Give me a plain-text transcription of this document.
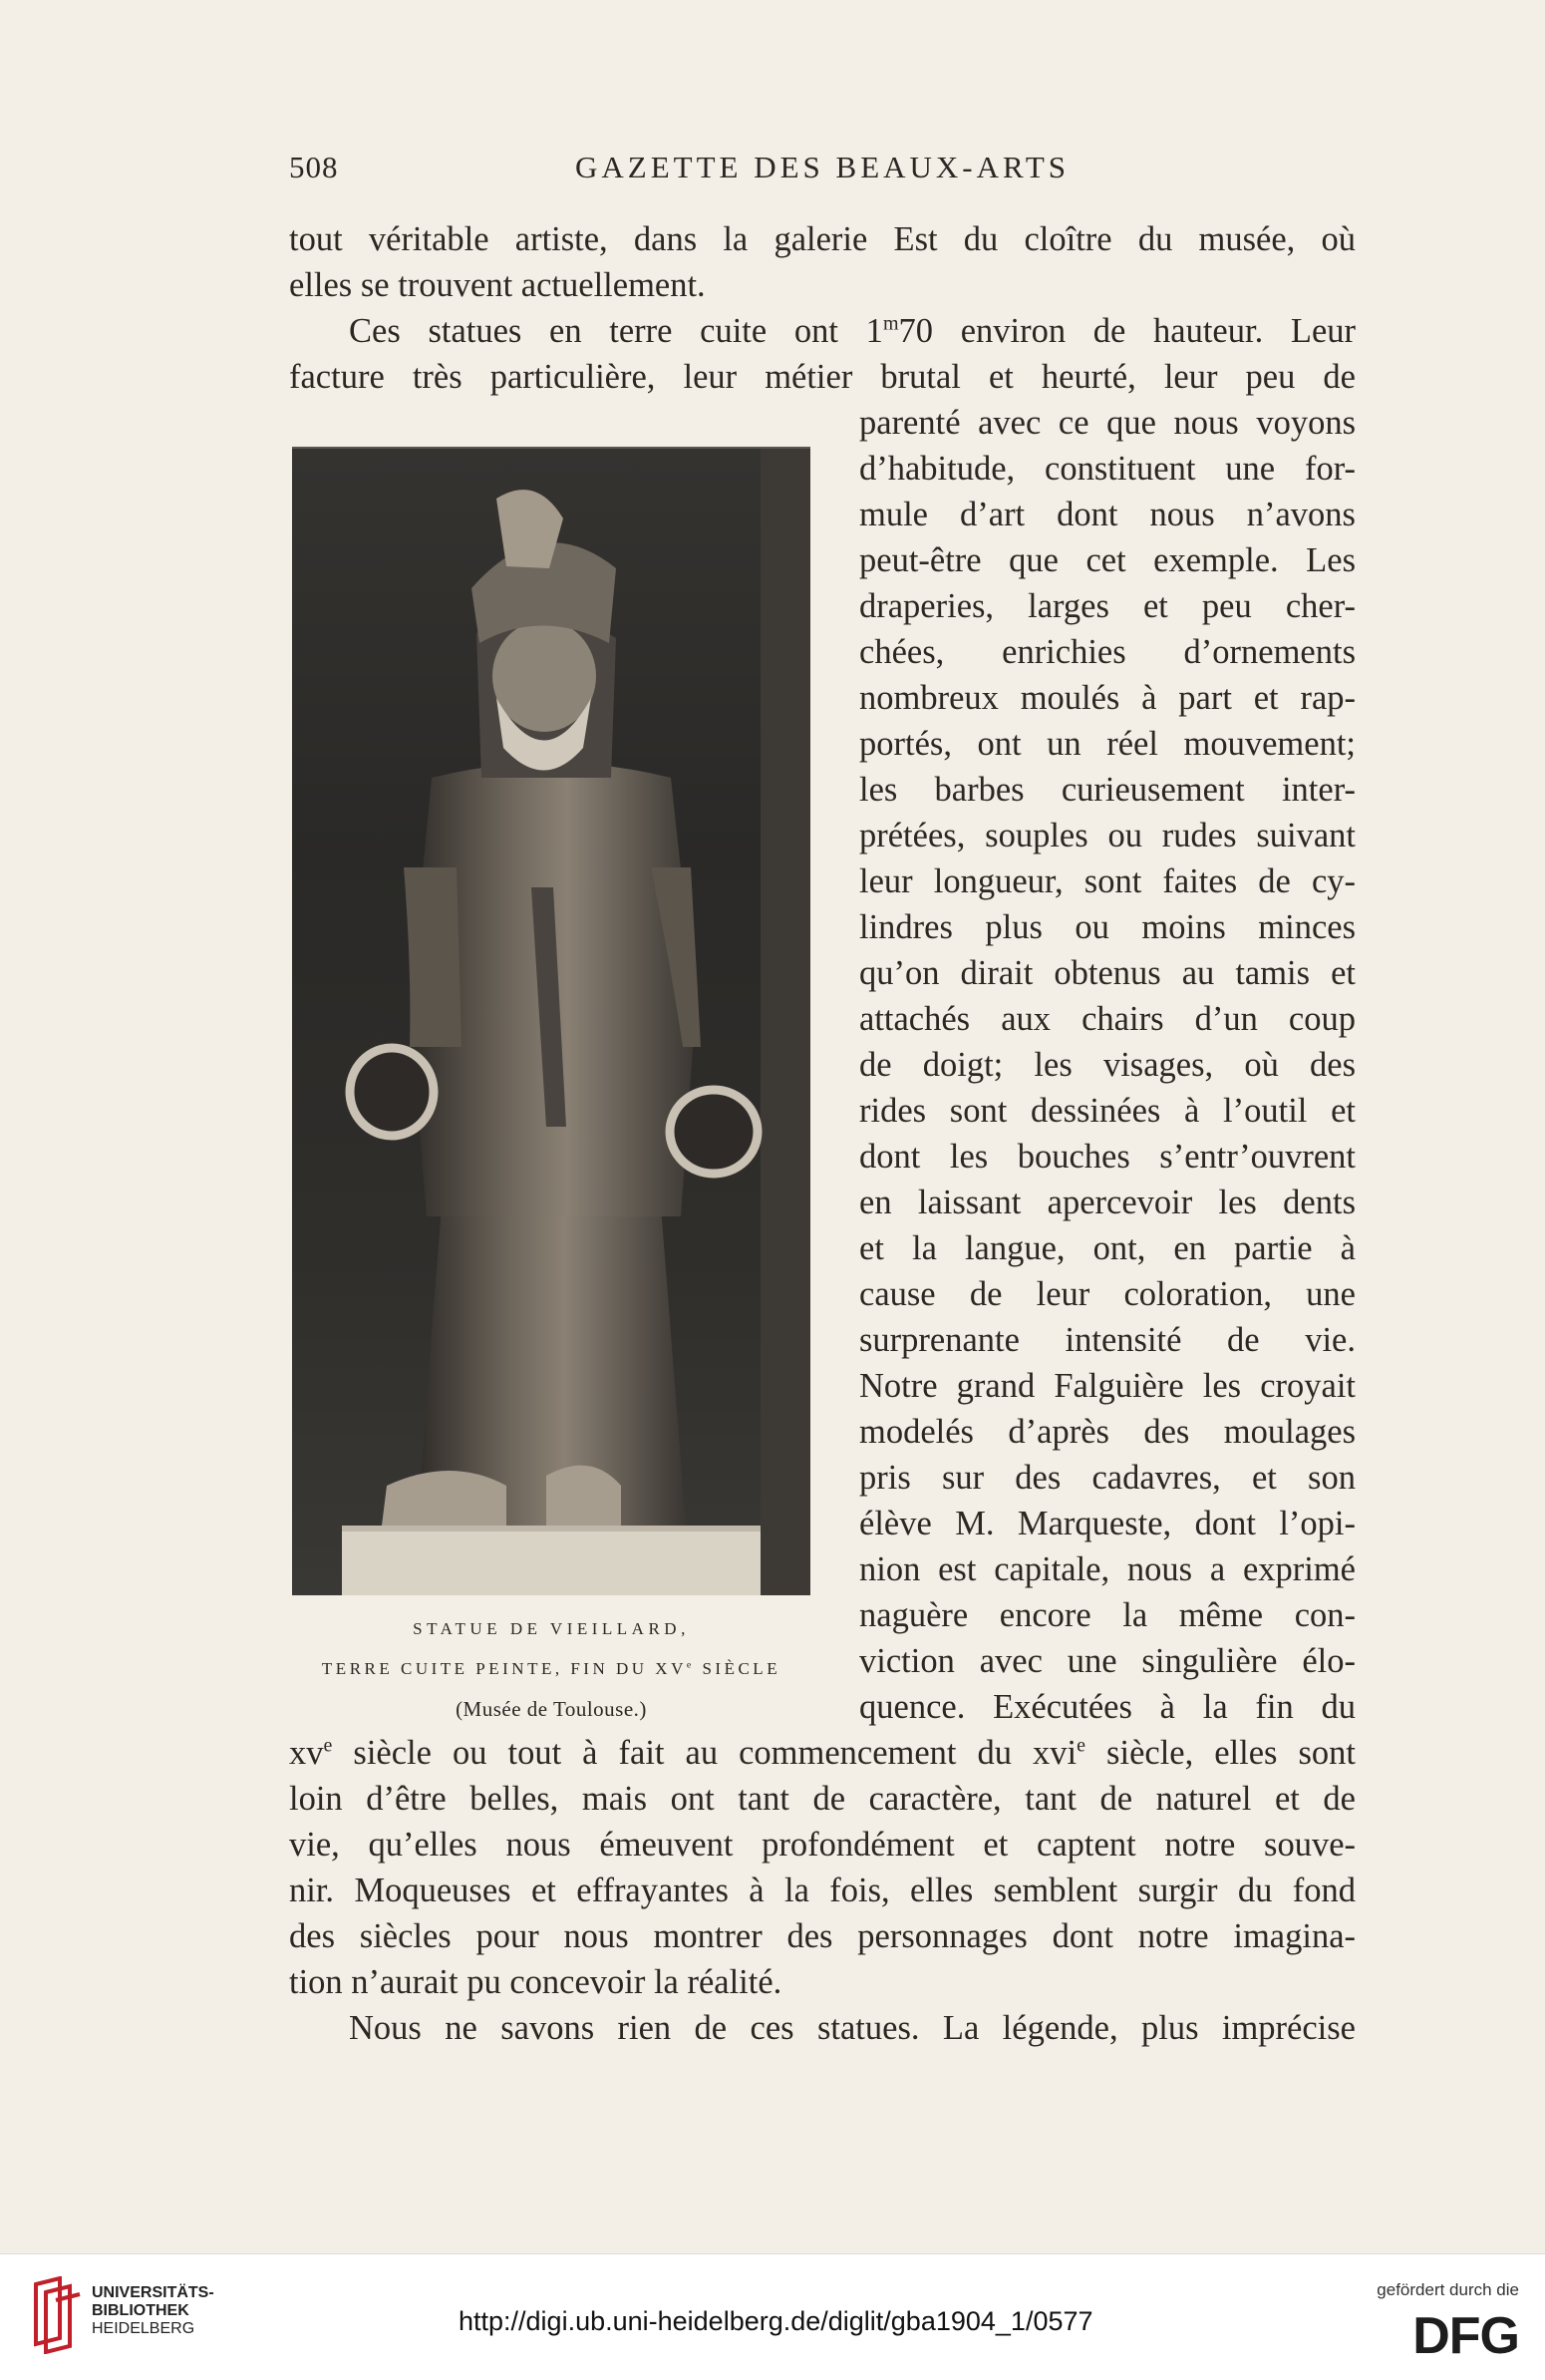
508	GAZETTE DES BEAUX-ARTS
tout véritable artiste, dans la galerie Est du cloître du musée, où
elles se trouvent actuellement.
Ces statues en terre cuite ont 1$^m$70 environ de hauteur. Leur
facture très particulière, leur métier brutal et heurté, leur peu de
parenté avec ce que nous voyons
d’habitude, constituent une for-
mule d’art dont nous n’avons
peut-être que cet exemple. Les
draperies, larges et peu cher-
chées, enrichies d’ornements
nombreux moulés à part et rap-
portés, ont un réel mouvement;
les barbes curieusement inter-
prétées, souples ou rudes suivant
leur longueur, sont faites de cy-
lindres plus ou moins minces
qu’on dirait obtenus au tamis et
attachés aux chairs d’un coup
de doigt; les visages, où des
rides sont dessinées à l’outil et
dont les bouches s’entr’ouvrent
en laissant apercevoir les dents
et la langue, ont, en partie à
cause de leur coloration, une
surprenante intensité de vie.
Notre grand Falguière les croyait
modelés d’après des moulages
pris sur des cadavres, et son
élève M. Marqueste, dont l’opi-
nion est capitale, nous a exprimé
naguère encore la même con-
viction avec une singulière élo-
quence. Exécutées à la fin du
$xv^e$ siècle ou tout à fait au commencement du xvi$^e$ siècle, elles sont
loin d’être belles, mais ont tant de caractère, tant de naturel et de
vie, qu’elles nous émeuvent profondément et captent notre souve-
nir. Moqueuses et effrayantes à la fois, elles semblent surgir du fond
des siècles pour nous montrer des personnages dont notre imagina-
tion n’aurait pu concevoir la réalité.
Nous ne savons rien de ces statues. La légende, plus imprécise
STATUE DE VIEILLARD,
TERRE CUITE PEINTE, FIN DU XVe SIÈCLE
(Musée de Toulouse.)
UNIVERSITÄTS-
BIBLIOTHEK
HEIDELBERG	http://digi.ub.uni-heidelberg.de/diglit/gba1904_1/0577
gefördert durch die
DFG
